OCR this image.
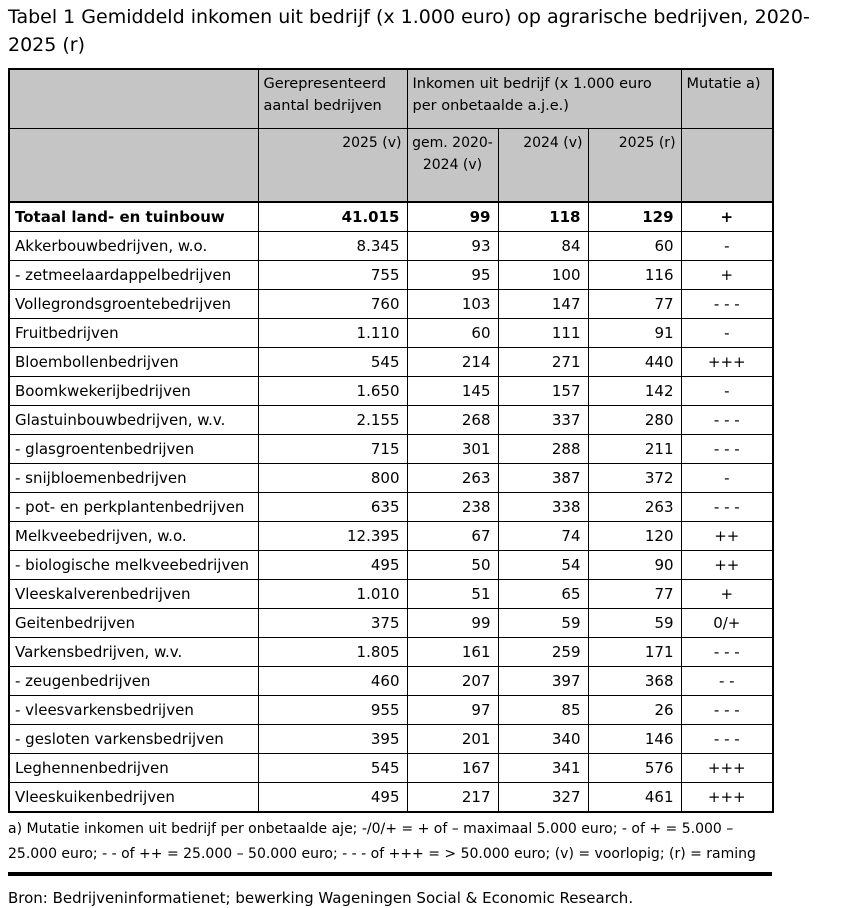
Tabel 1 Gemiddeld inkomen uit bedrijf (x 1.000 euro) op agrarische bedrijven, 2020-2025 (r)
	Gerepresenteerd aantal bedrijven	Inkomen uit bedrijf (x 1.000 euro per onbetaalde a.j.e.)			Mutatie a)
	2025 (v)	gem. 2020-2024 (v)	2024 (v)	2025 (r)	
Totaal land- en tuinbouw	41.015	99	118	129	+
Akkerbouwbedrijven, w.o.	8.345	93	84	60	-
- zetmeelaardappelbedrijven	755	95	100	116	+
Vollegrondsgroentebedrijven	760	103	147	77	- - -
Fruitbedrijven	1.110	60	111	91	-
Bloembollenbedrijven	545	214	271	440	+++
Boomkwekerijbedrijven	1.650	145	157	142	-
Glastuinbouwbedrijven, w.v.	2.155	268	337	280	- - -
- glasgroentenbedrijven	715	301	288	211	- - -
- snijbloemenbedrijven	800	263	387	372	-
- pot- en perkplantenbedrijven	635	238	338	263	- - -
Melkveebedrijven, w.o.	12.395	67	74	120	++
- biologische melkveebedrijven	495	50	54	90	++
Vleeskalverenbedrijven	1.010	51	65	77	+
Geitenbedrijven	375	99	59	59	0/+
Varkensbedrijven, w.v.	1.805	161	259	171	- - -
- zeugenbedrijven	460	207	397	368	- -
- vleesvarkensbedrijven	955	97	85	26	- - -
- gesloten varkensbedrijven	395	201	340	146	- - -
Leghennenbedrijven	545	167	341	576	+++
Vleeskuikenbedrijven	495	217	327	461	+++

a) Mutatie inkomen uit bedrijf per onbetaalde aje; -/0/+ = + of – maximaal 5.000 euro; - of + = 5.000 – 25.000 euro; - - of ++ = 25.000 – 50.000 euro; - - - of +++ = > 50.000 euro; (v) = voorlopig; (r) = raming

Bron: Bedrijveninformatienet; bewerking Wageningen Social & Economic Research.
